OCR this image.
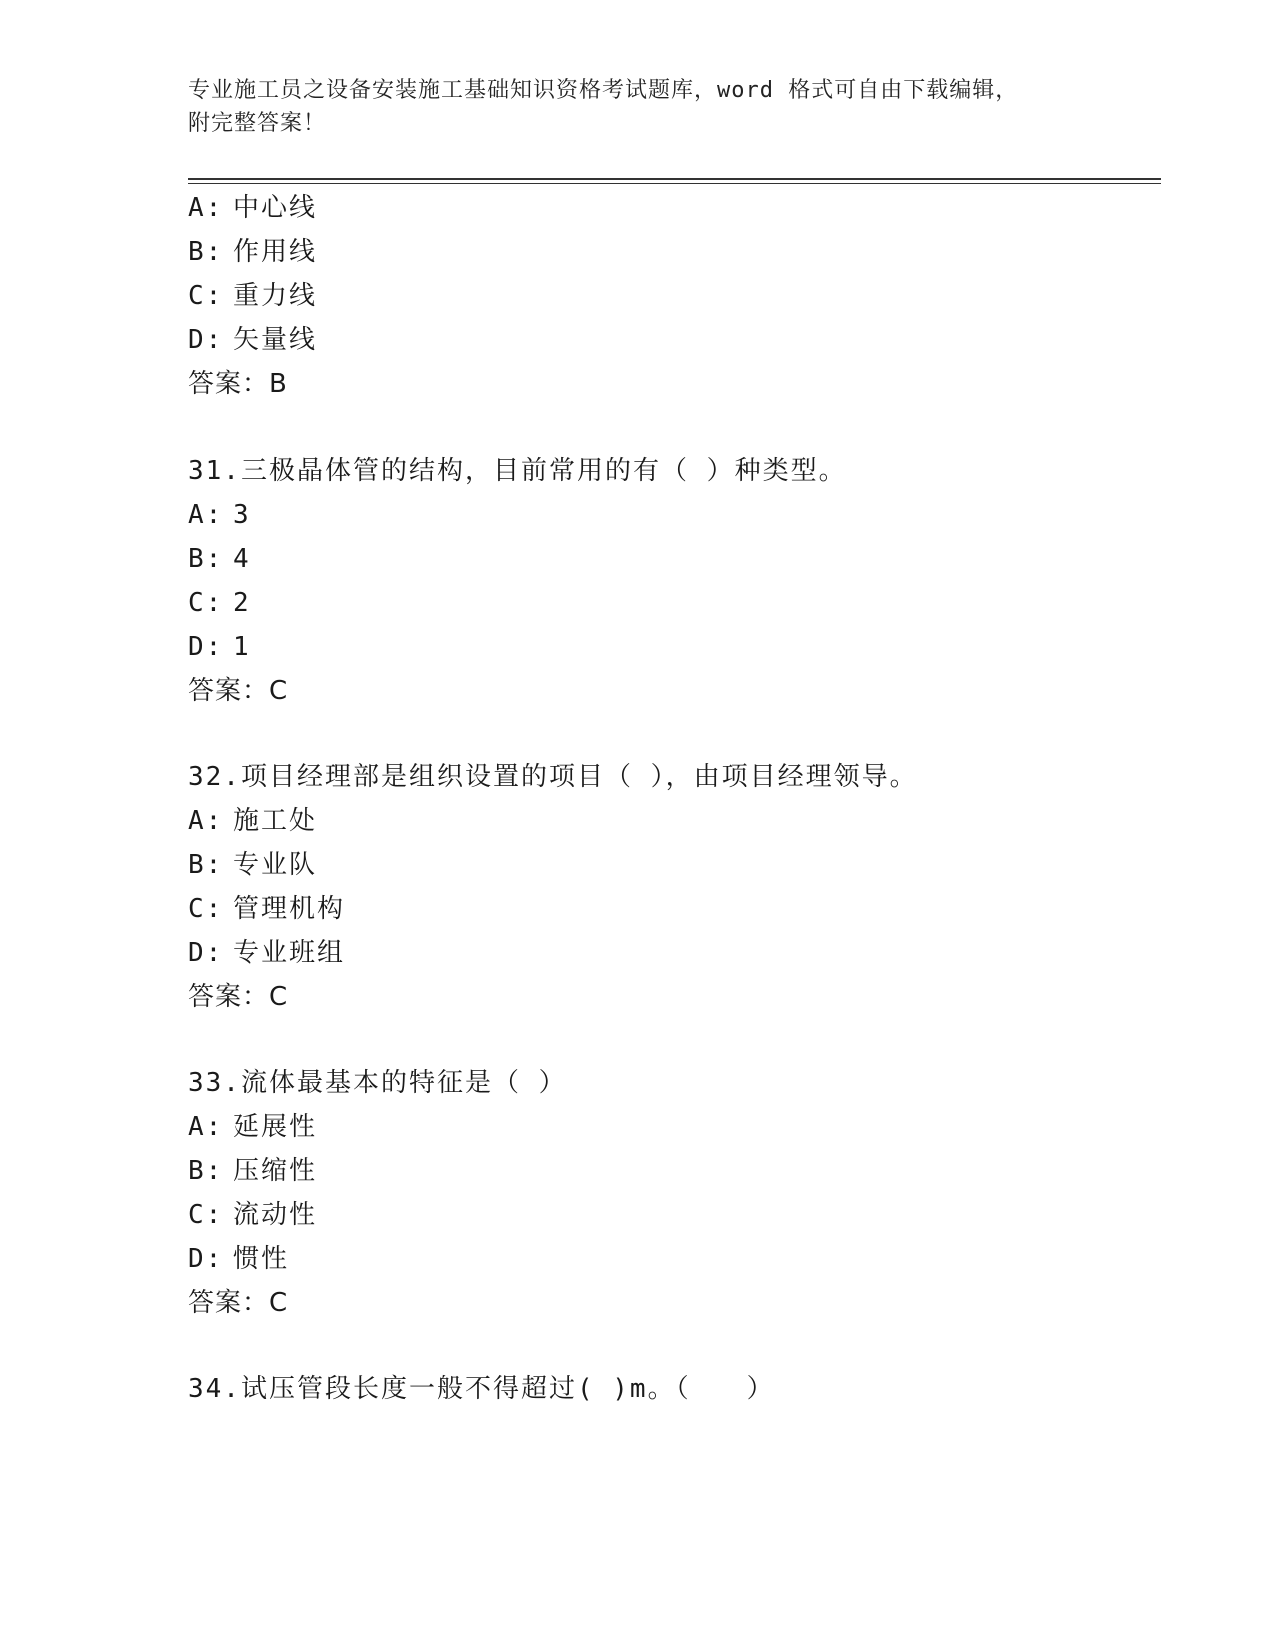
专业施工员之设备安装施工基础知识资格考试题库，word 格式可自由下载编辑，
附完整答案！
A: 中心线
B: 作用线
C: 重力线
D: 矢量线
答案：B
31.三极晶体管的结构，目前常用的有（ ）种类型。
A: 3
B: 4
C: 2
D: 1
答案：C
32.项目经理部是组织设置的项目（ ），由项目经理领导。
A: 施工处
B: 专业队
C: 管理机构
D: 专业班组
答案：C
33.流体最基本的特征是（ ）
A: 延展性
B: 压缩性
C: 流动性
D: 惯性
答案：C
34.试压管段长度一般不得超过( )m。（　　）
